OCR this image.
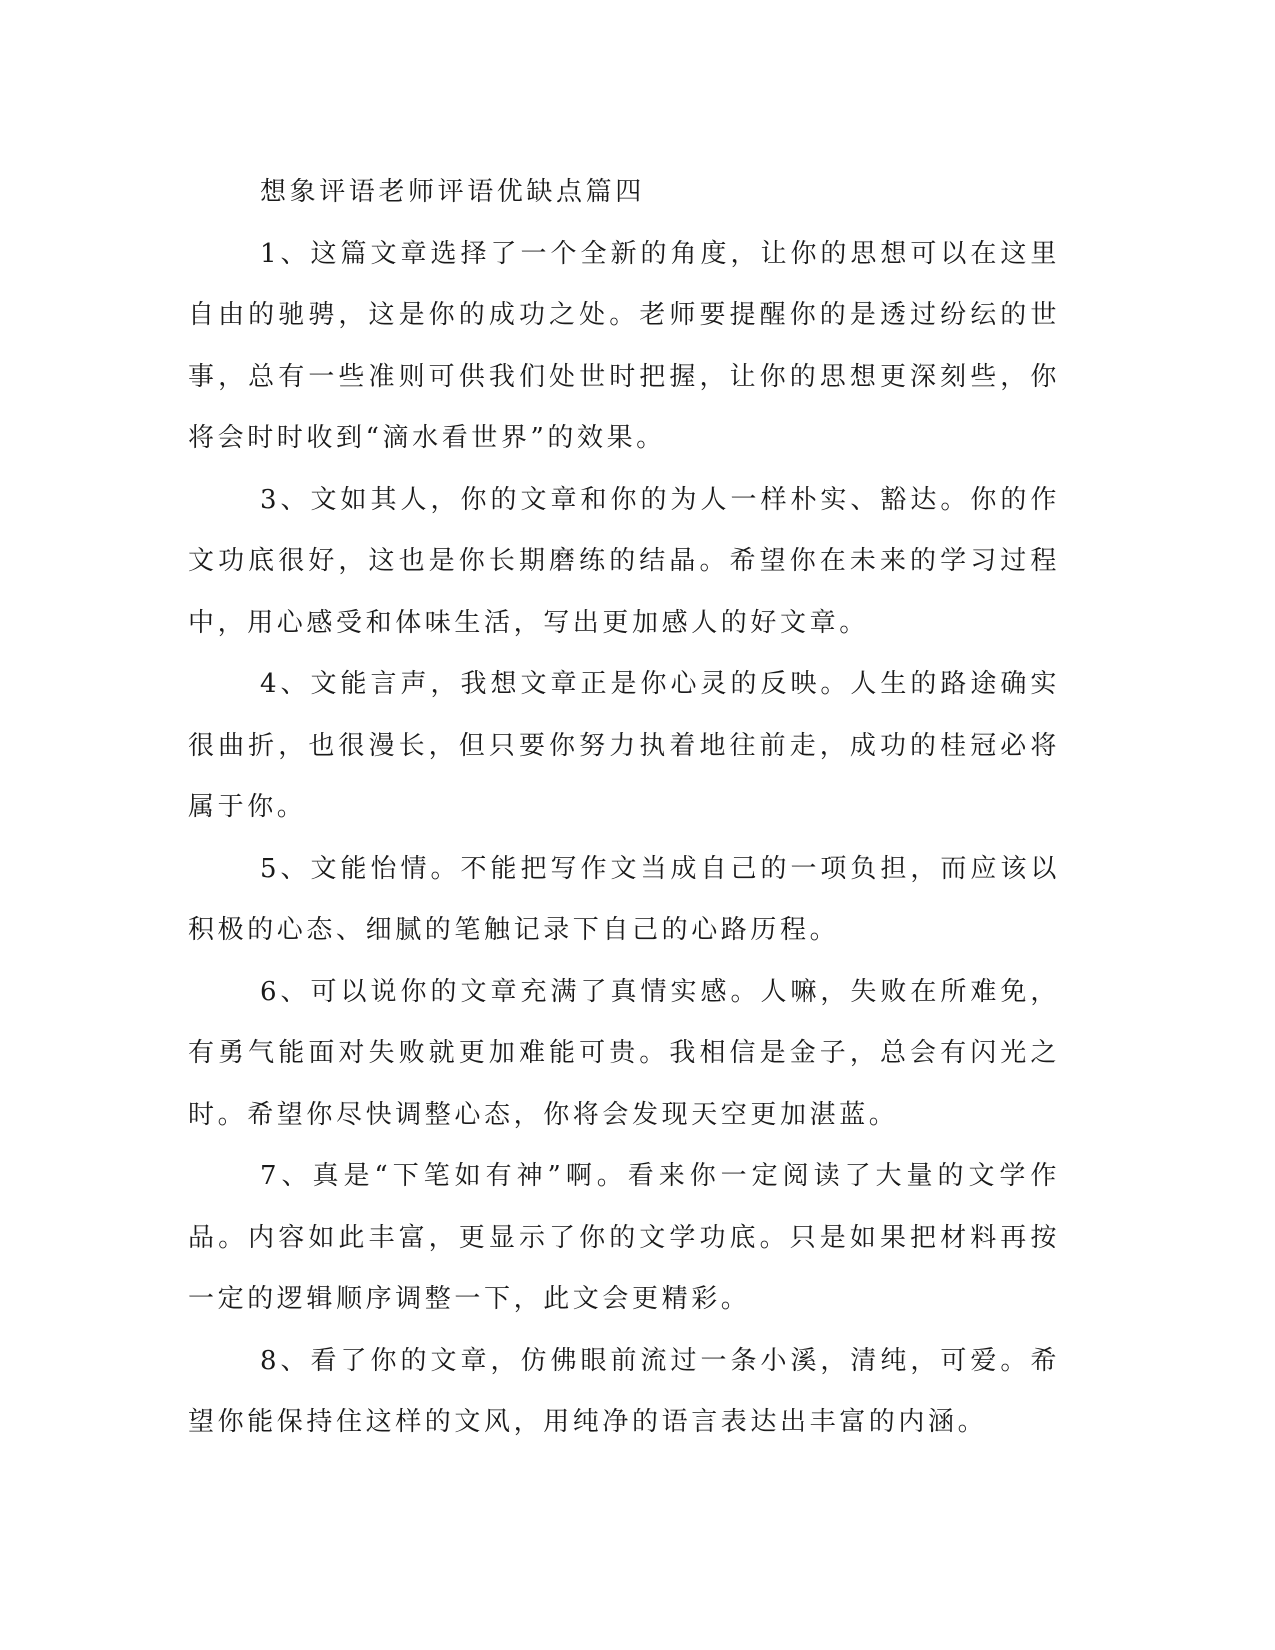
想象评语老师评语优缺点篇四

1、这篇文章选择了一个全新的角度，让你的思想可以在这里自由的驰骋，这是你的成功之处。老师要提醒你的是透过纷纭的世事，总有一些准则可供我们处世时把握，让你的思想更深刻些，你将会时时收到“滴水看世界”的效果。

3、文如其人，你的文章和你的为人一样朴实、豁达。你的作文功底很好，这也是你长期磨练的结晶。希望你在未来的学习过程中，用心感受和体味生活，写出更加感人的好文章。

4、文能言声，我想文章正是你心灵的反映。人生的路途确实很曲折，也很漫长，但只要你努力执着地往前走，成功的桂冠必将属于你。

5、文能怡情。不能把写作文当成自己的一项负担，而应该以积极的心态、细腻的笔触记录下自己的心路历程。

6、可以说你的文章充满了真情实感。人嘛，失败在所难免，有勇气能面对失败就更加难能可贵。我相信是金子，总会有闪光之时。希望你尽快调整心态，你将会发现天空更加湛蓝。

7、真是“下笔如有神”啊。看来你一定阅读了大量的文学作品。内容如此丰富，更显示了你的文学功底。只是如果把材料再按一定的逻辑顺序调整一下，此文会更精彩。

8、看了你的文章，仿佛眼前流过一条小溪，清纯，可爱。希望你能保持住这样的文风，用纯净的语言表达出丰富的内涵。
